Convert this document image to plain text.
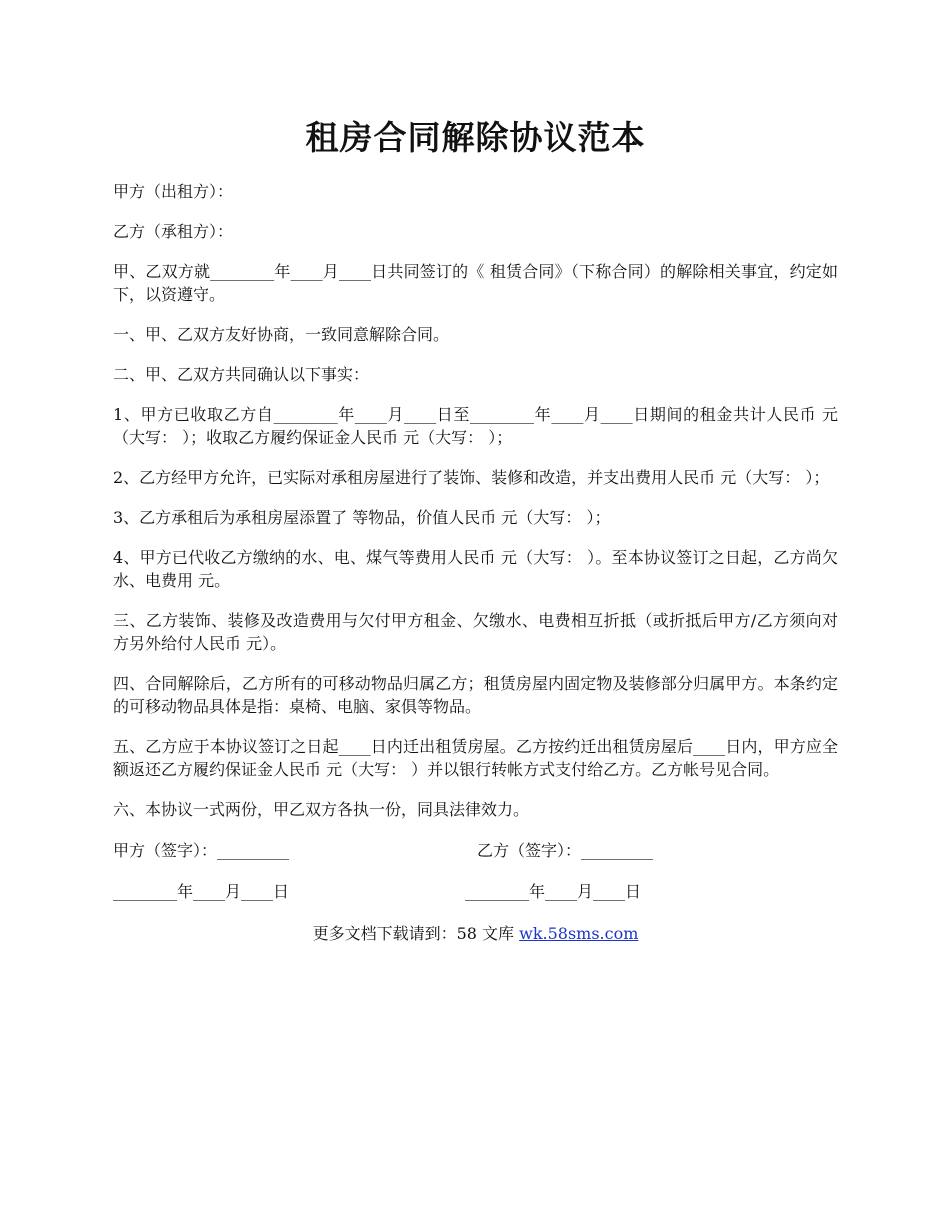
租房合同解除协议范本

甲方（出租方）：

乙方（承租方）：

甲、乙双方就________年____月____日共同签订的《 租赁合同》（下称合同）的解除相关事宜，约定如下，以资遵守。

一、甲、乙双方友好协商，一致同意解除合同。

二、甲、乙双方共同确认以下事实：

1、甲方已收取乙方自________年____月____日至________年____月____日期间的租金共计人民币 元（大写： ）；收取乙方履约保证金人民币 元（大写： ）；

2、乙方经甲方允许，已实际对承租房屋进行了装饰、装修和改造，并支出费用人民币 元（大写： ）；

3、乙方承租后为承租房屋添置了 等物品，价值人民币 元（大写： ）；

4、甲方已代收乙方缴纳的水、电、煤气等费用人民币 元（大写： ）。至本协议签订之日起，乙方尚欠水、电费用 元。

三、乙方装饰、装修及改造费用与欠付甲方租金、欠缴水、电费相互折抵（或折抵后甲方/乙方须向对方另外给付人民币 元）。

四、合同解除后，乙方所有的可移动物品归属乙方；租赁房屋内固定物及装修部分归属甲方。本条约定的可移动物品具体是指：桌椅、电脑、家俱等物品。

五、乙方应于本协议签订之日起____日内迁出租赁房屋。乙方按约迁出租赁房屋后____日内，甲方应全额返还乙方履约保证金人民币 元（大写： ）并以银行转帐方式支付给乙方。乙方帐号见合同。

六、本协议一式两份，甲乙双方各执一份，同具法律效力。

甲方（签字）：_________	乙方（签字）：_________
________年____月____日	________年____月____日
更多文档下载请到：58 文库 wk.58sms.com
